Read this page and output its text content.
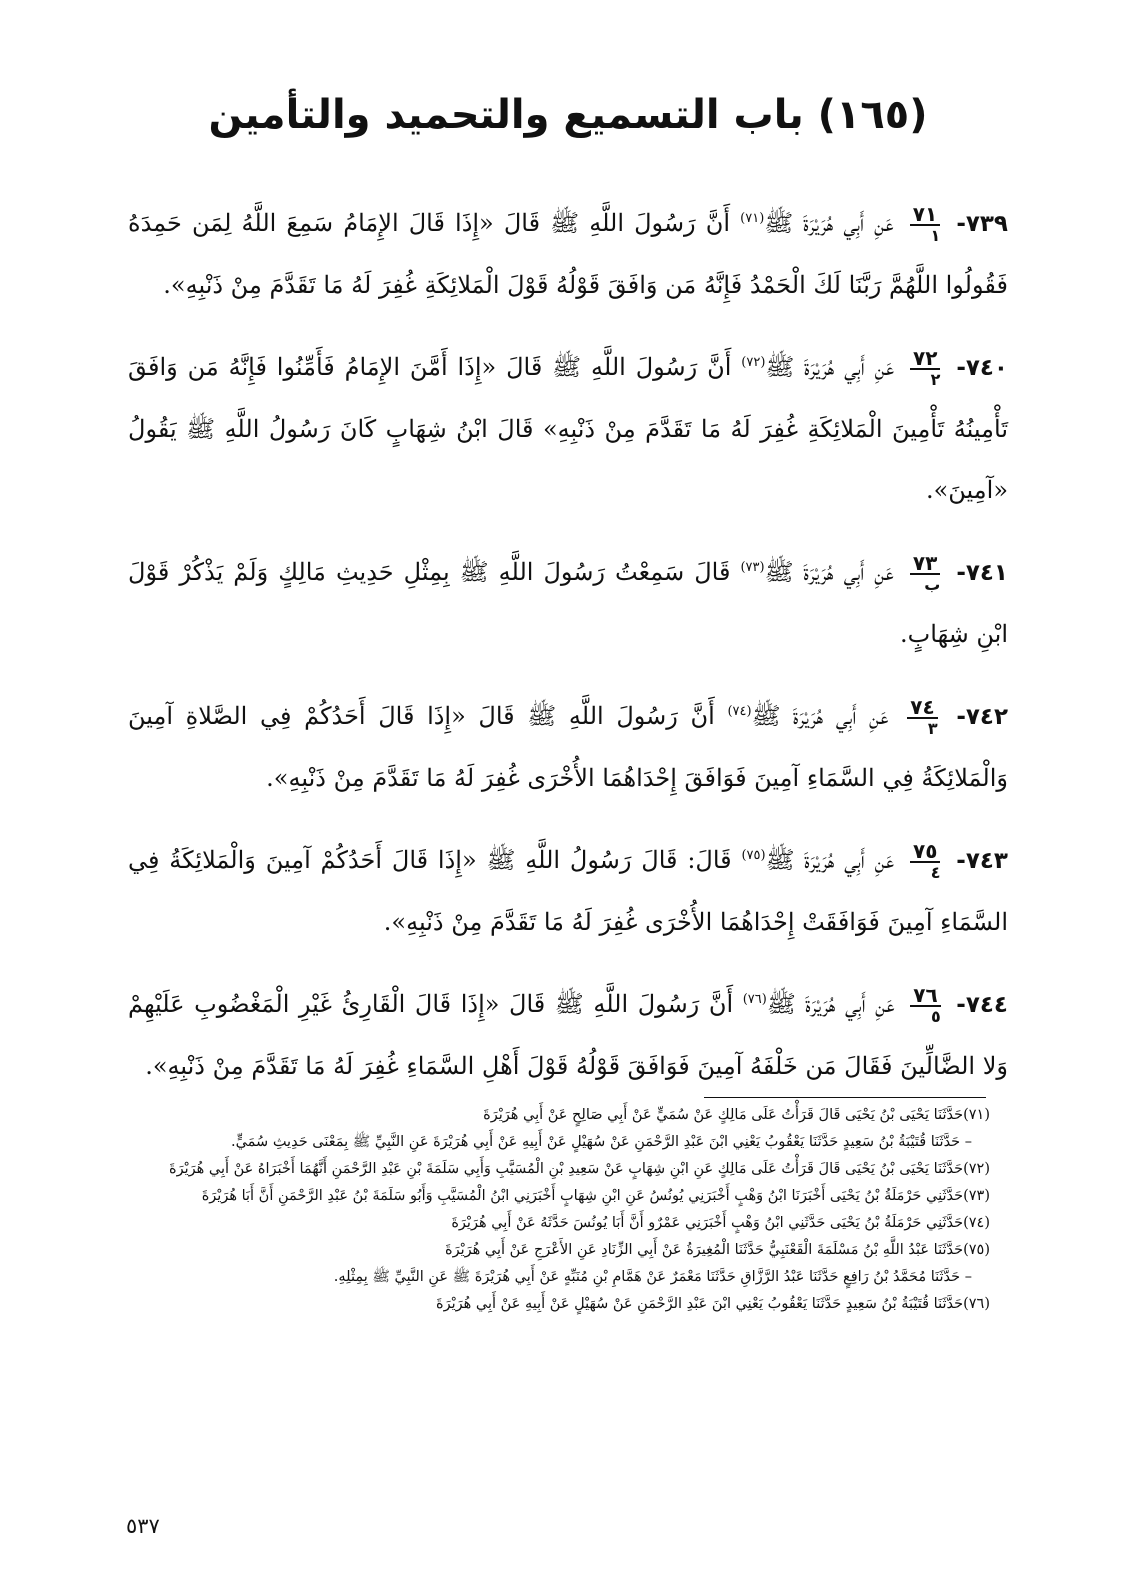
(١٦٥) باب التسميع والتحميد والتأمين
٧٣٩-
$\frac{٧١}{١}$
عَنِ أَبِي هُرَيْرَةَ ﷺ$^{(٧١)}$ أَنَّ رَسُولَ اللَّهِ ﷺ قَالَ «إِذَا قَالَ الإِمَامُ سَمِعَ اللَّهُ لِمَن حَمِدَهُ فَقُولُوا اللَّهُمَّ رَبَّنَا لَكَ الْحَمْدُ فَإِنَّهُ مَن وَافَقَ قَوْلُهُ قَوْلَ الْمَلائِكَةِ غُفِرَ لَهُ مَا تَقَدَّمَ مِنْ ذَنْبِهِ».
٧٤٠-
$\frac{٧٢}{٢}$
عَنِ أَبِي هُرَيْرَةَ ﷺ$^{(٧٢)}$ أَنَّ رَسُولَ اللَّهِ ﷺ قَالَ «إِذَا أَمَّنَ الإِمَامُ فَأَمِّنُوا فَإِنَّهُ مَن وَافَقَ تَأْمِينُهُ تَأْمِينَ الْمَلائِكَةِ غُفِرَ لَهُ مَا تَقَدَّمَ مِنْ ذَنْبِهِ» قَالَ ابْنُ شِهَابٍ كَانَ رَسُولُ اللَّهِ ﷺ يَقُولُ «آمِينَ».
٧٤١-
$\frac{٧٣}{\text{ب}}$
عَنِ أَبِي هُرَيْرَةَ ﷺ$^{(٧٣)}$ قَالَ سَمِعْتُ رَسُولَ اللَّهِ ﷺ بِمِثْلِ حَدِيثِ مَالِكٍ وَلَمْ يَذْكُرْ قَوْلَ ابْنِ شِهَابٍ.
٧٤٢-
$\frac{٧٤}{٣}$
عَنِ أَبِي هُرَيْرَةَ ﷺ$^{(٧٤)}$ أَنَّ رَسُولَ اللَّهِ ﷺ قَالَ «إِذَا قَالَ أَحَدُكُمْ فِي الصَّلاةِ آمِينَ وَالْمَلائِكَةُ فِي السَّمَاءِ آمِينَ فَوَافَقَ إِحْدَاهُمَا الأُخْرَى غُفِرَ لَهُ مَا تَقَدَّمَ مِنْ ذَنْبِهِ».
٧٤٣-
$\frac{٧٥}{٤}$
عَنِ أَبِي هُرَيْرَةَ ﷺ$^{(٧٥)}$ قَالَ: قَالَ رَسُولُ اللَّهِ ﷺ «إِذَا قَالَ أَحَدُكُمْ آمِينَ وَالْمَلائِكَةُ فِي السَّمَاءِ آمِينَ فَوَافَقَتْ إِحْدَاهُمَا الأُخْرَى غُفِرَ لَهُ مَا تَقَدَّمَ مِنْ ذَنْبِهِ».
٧٤٤-
$\frac{٧٦}{٥}$
عَنِ أَبِي هُرَيْرَةَ ﷺ$^{(٧٦)}$ أَنَّ رَسُولَ اللَّهِ ﷺ قَالَ «إِذَا قَالَ الْقَارِئُ غَيْرِ الْمَغْضُوبِ عَلَيْهِمْ وَلا الضَّالِّينَ فَقَالَ مَن خَلْفَهُ آمِينَ فَوَافَقَ قَوْلُهُ قَوْلَ أَهْلِ السَّمَاءِ غُفِرَ لَهُ مَا تَقَدَّمَ مِنْ ذَنْبِهِ».
(٧١)حَدَّثَنَا يَحْيَى بْنُ يَحْيَى قَالَ قَرَأْتُ عَلَى مَالِكٍ عَنْ سُمَيٍّ عَنْ أَبِي صَالِحٍ عَنْ أَبِي هُرَيْرَةَ
– حَدَّثَنَا قُتَيْبَةُ بْنُ سَعِيدٍ حَدَّثَنَا يَعْقُوبُ يَعْنِي ابْنَ عَبْدِ الرَّحْمَنِ عَنْ سُهَيْلٍ عَنْ أَبِيهِ عَنْ أَبِي هُرَيْرَةَ عَنِ النَّبِيِّ ﷺ بِمَعْنَى حَدِيثِ سُمَيٍّ.
(٧٢)حَدَّثَنَا يَحْيَى بْنُ يَحْيَى قَالَ قَرَأْتُ عَلَى مَالِكٍ عَنِ ابْنِ شِهَابٍ عَنْ سَعِيدِ بْنِ الْمُسَيَّبِ وَأَبِي سَلَمَةَ بْنِ عَبْدِ الرَّحْمَنِ أَنَّهُمَا أَخْبَرَاهُ عَنْ أَبِي هُرَيْرَةَ
(٧٣)حَدَّثَنِي حَرْمَلَةُ بْنُ يَحْيَى أَخْبَرَنَا ابْنُ وَهْبٍ أَخْبَرَنِي يُونُسُ عَنِ ابْنِ شِهَابٍ أَخْبَرَنِي ابْنُ الْمُسَيَّبِ وَأَبُو سَلَمَةَ بْنُ عَبْدِ الرَّحْمَنِ أَنَّ أَبَا هُرَيْرَةَ
(٧٤)حَدَّثَنِي حَرْمَلَةُ بْنُ يَحْيَى حَدَّثَنِي ابْنُ وَهْبٍ أَخْبَرَنِي عَمْرٌو أَنَّ أَبَا يُونُسَ حَدَّثَهُ عَنْ أَبِي هُرَيْرَةَ
(٧٥)حَدَّثَنَا عَبْدُ اللَّهِ بْنُ مَسْلَمَةَ الْقَعْنَبِيُّ حَدَّثَنَا الْمُغِيرَةُ عَنْ أَبِي الزِّنَادِ عَنِ الأَعْرَجِ عَنْ أَبِي هُرَيْرَةَ
– حَدَّثَنَا مُحَمَّدُ بْنُ رَافِعٍ حَدَّثَنَا عَبْدُ الرَّزَّاقِ حَدَّثَنَا مَعْمَرٌ عَنْ هَمَّامِ بْنِ مُنَبِّهٍ عَنْ أَبِي هُرَيْرَةَ ﷺ عَنِ النَّبِيِّ ﷺ بِمِثْلِهِ.
(٧٦)حَدَّثَنَا قُتَيْبَةُ بْنُ سَعِيدٍ حَدَّثَنَا يَعْقُوبُ يَعْنِي ابْنَ عَبْدِ الرَّحْمَنِ عَنْ سُهَيْلٍ عَنْ أَبِيهِ عَنْ أَبِي هُرَيْرَةَ
٥٣٧
